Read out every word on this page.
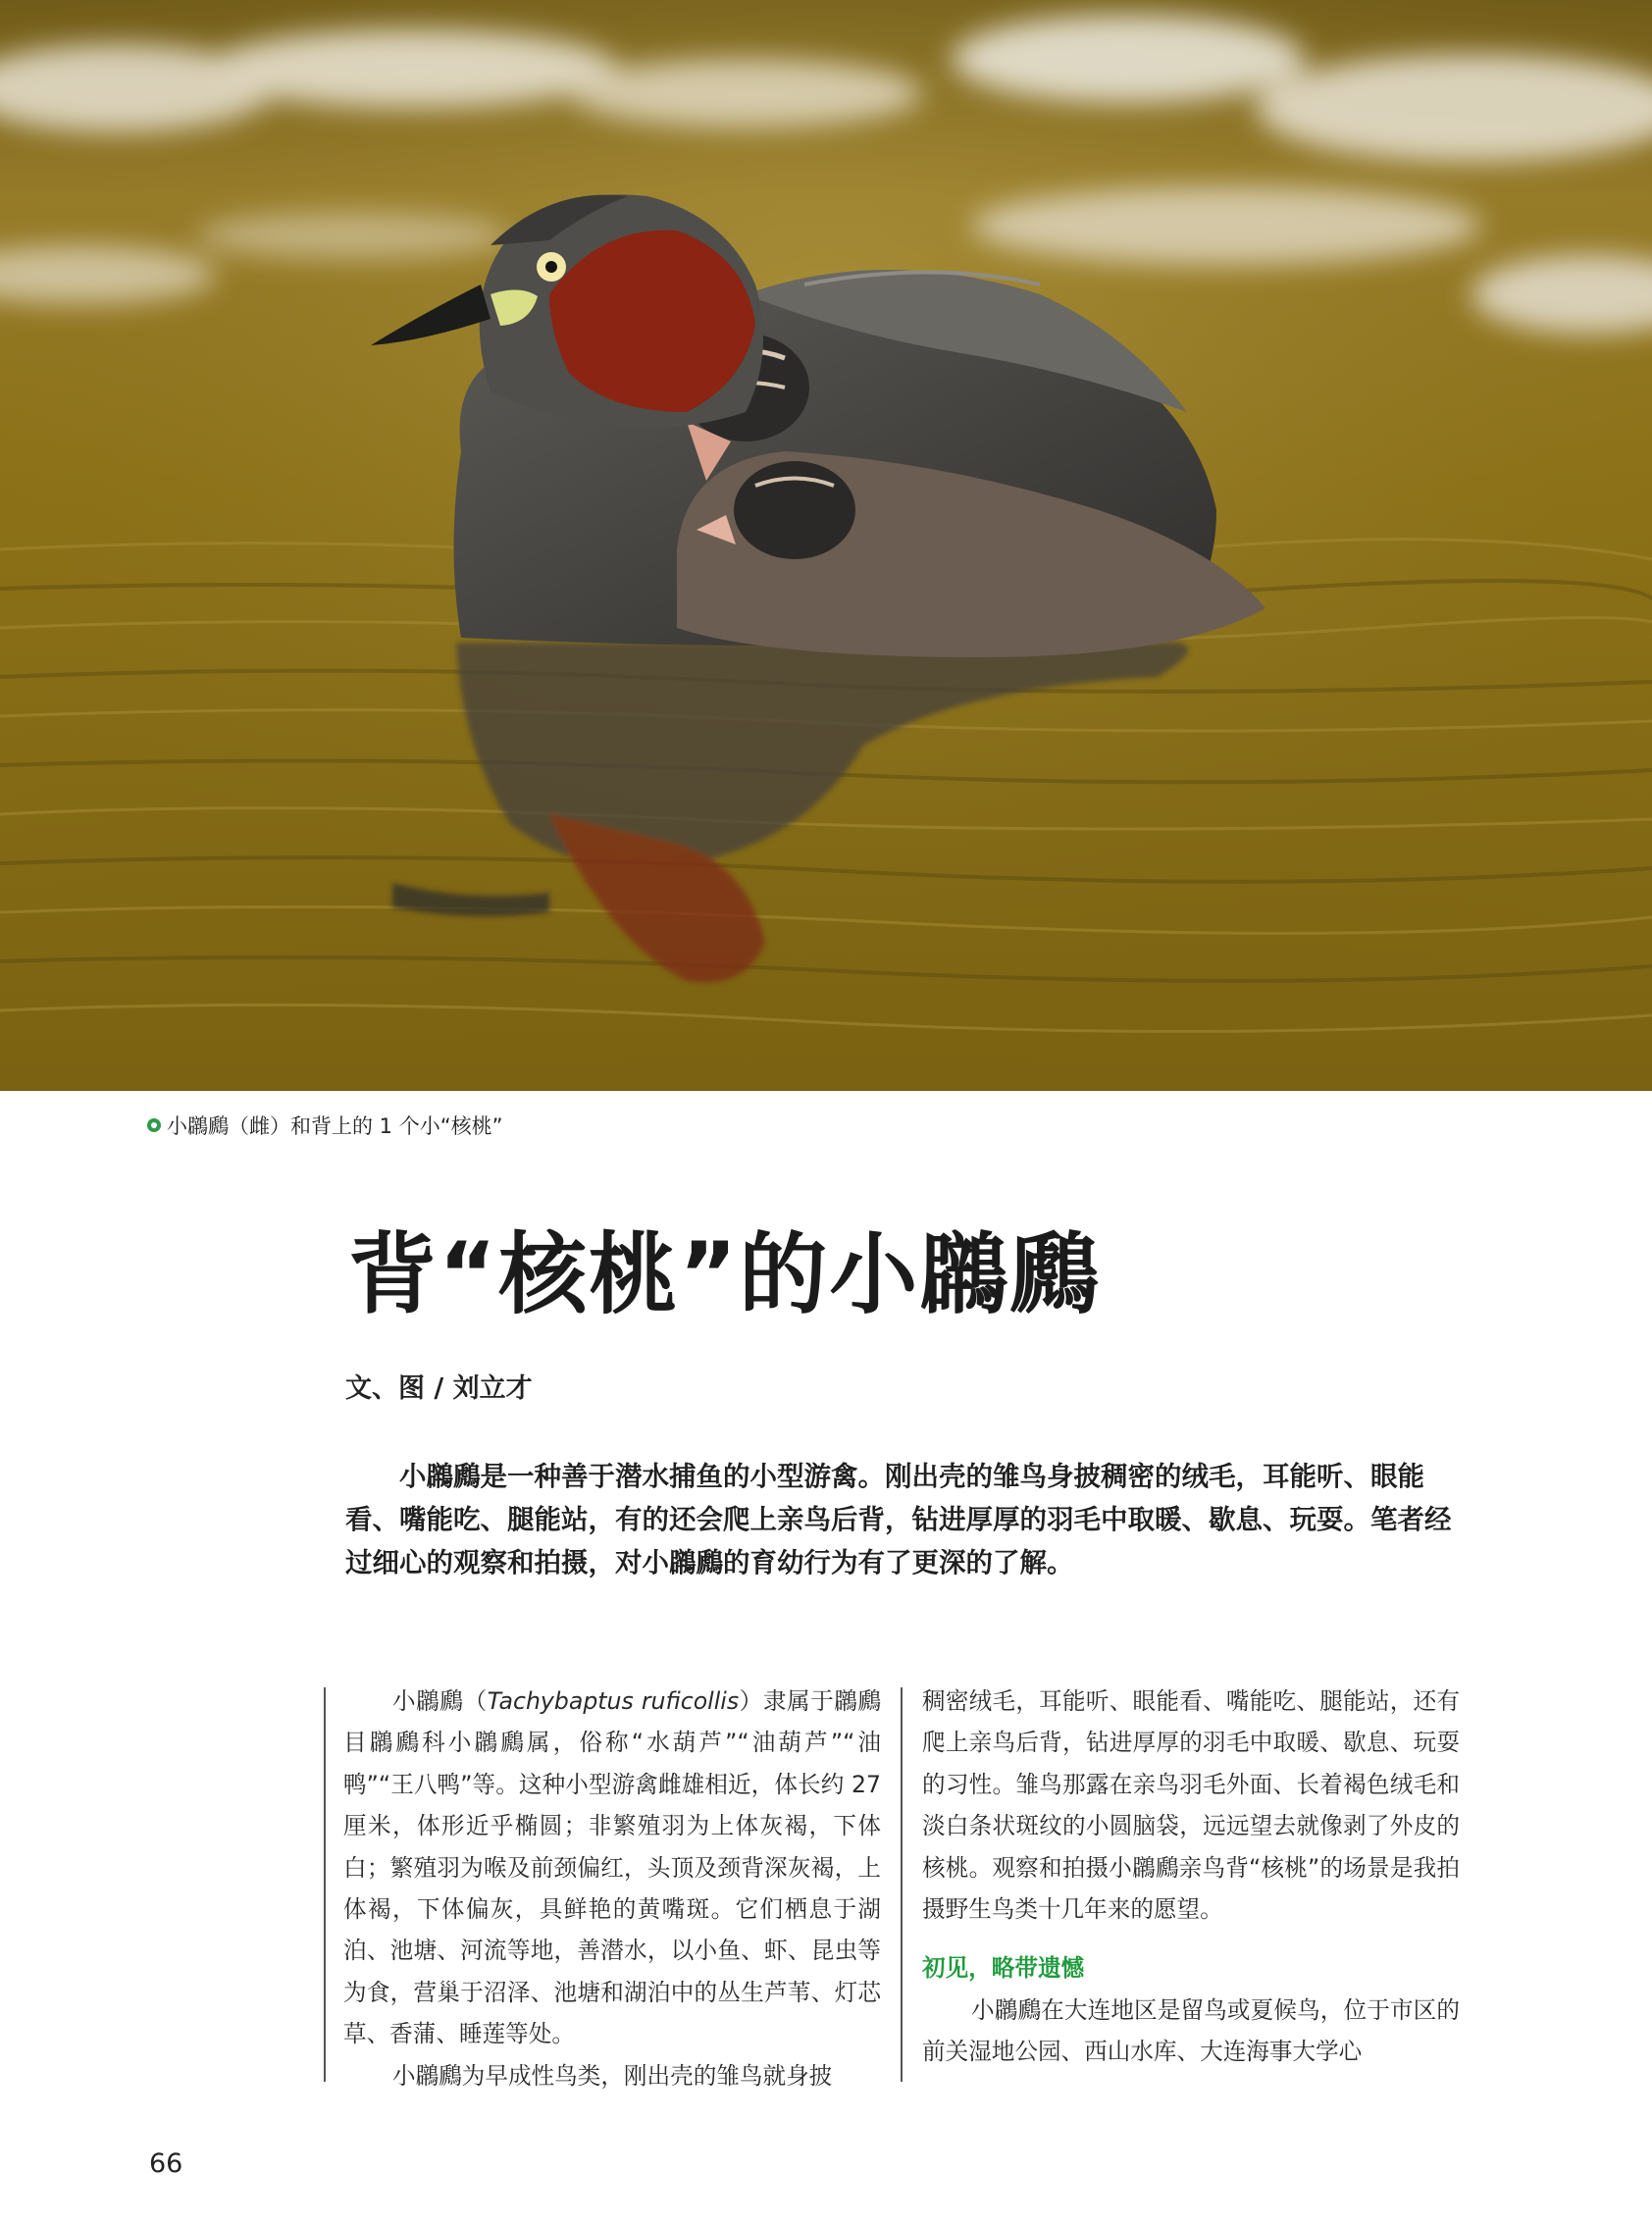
小鸊鷉（雌）和背上的 1 个小“核桃”
背“核桃”的小鸊鷉
文、图 / 刘立才
小鸊鷉是一种善于潜水捕鱼的小型游禽。刚出壳的雏鸟身披稠密的绒毛，耳能听、眼能看、嘴能吃、腿能站，有的还会爬上亲鸟后背，钻进厚厚的羽毛中取暖、歇息、玩耍。笔者经过细心的观察和拍摄，对小鸊鷉的育幼行为有了更深的了解。

小鸊鷉（Tachybaptus ruficollis）隶属于鸊鷉目鸊鷉科小鸊鷉属，俗称“水葫芦”“油葫芦”“油鸭”“王八鸭”等。这种小型游禽雌雄相近，体长约 27 厘米，体形近乎椭圆；非繁殖羽为上体灰褐，下体白；繁殖羽为喉及前颈偏红，头顶及颈背深灰褐，上体褐，下体偏灰，具鲜艳的黄嘴斑。它们栖息于湖泊、池塘、河流等地，善潜水，以小鱼、虾、昆虫等为食，营巢于沼泽、池塘和湖泊中的丛生芦苇、灯芯草、香蒲、睡莲等处。

小鸊鷉为早成性鸟类，刚出壳的雏鸟就身披

稠密绒毛，耳能听、眼能看、嘴能吃、腿能站，还有爬上亲鸟后背，钻进厚厚的羽毛中取暖、歇息、玩耍的习性。雏鸟那露在亲鸟羽毛外面、长着褐色绒毛和淡白条状斑纹的小圆脑袋，远远望去就像剥了外皮的核桃。观察和拍摄小鸊鷉亲鸟背“核桃”的场景是我拍摄野生鸟类十几年来的愿望。

初见，略带遗憾

小鸊鷉在大连地区是留鸟或夏候鸟，位于市区的前关湿地公园、西山水库、大连海事大学心

66
